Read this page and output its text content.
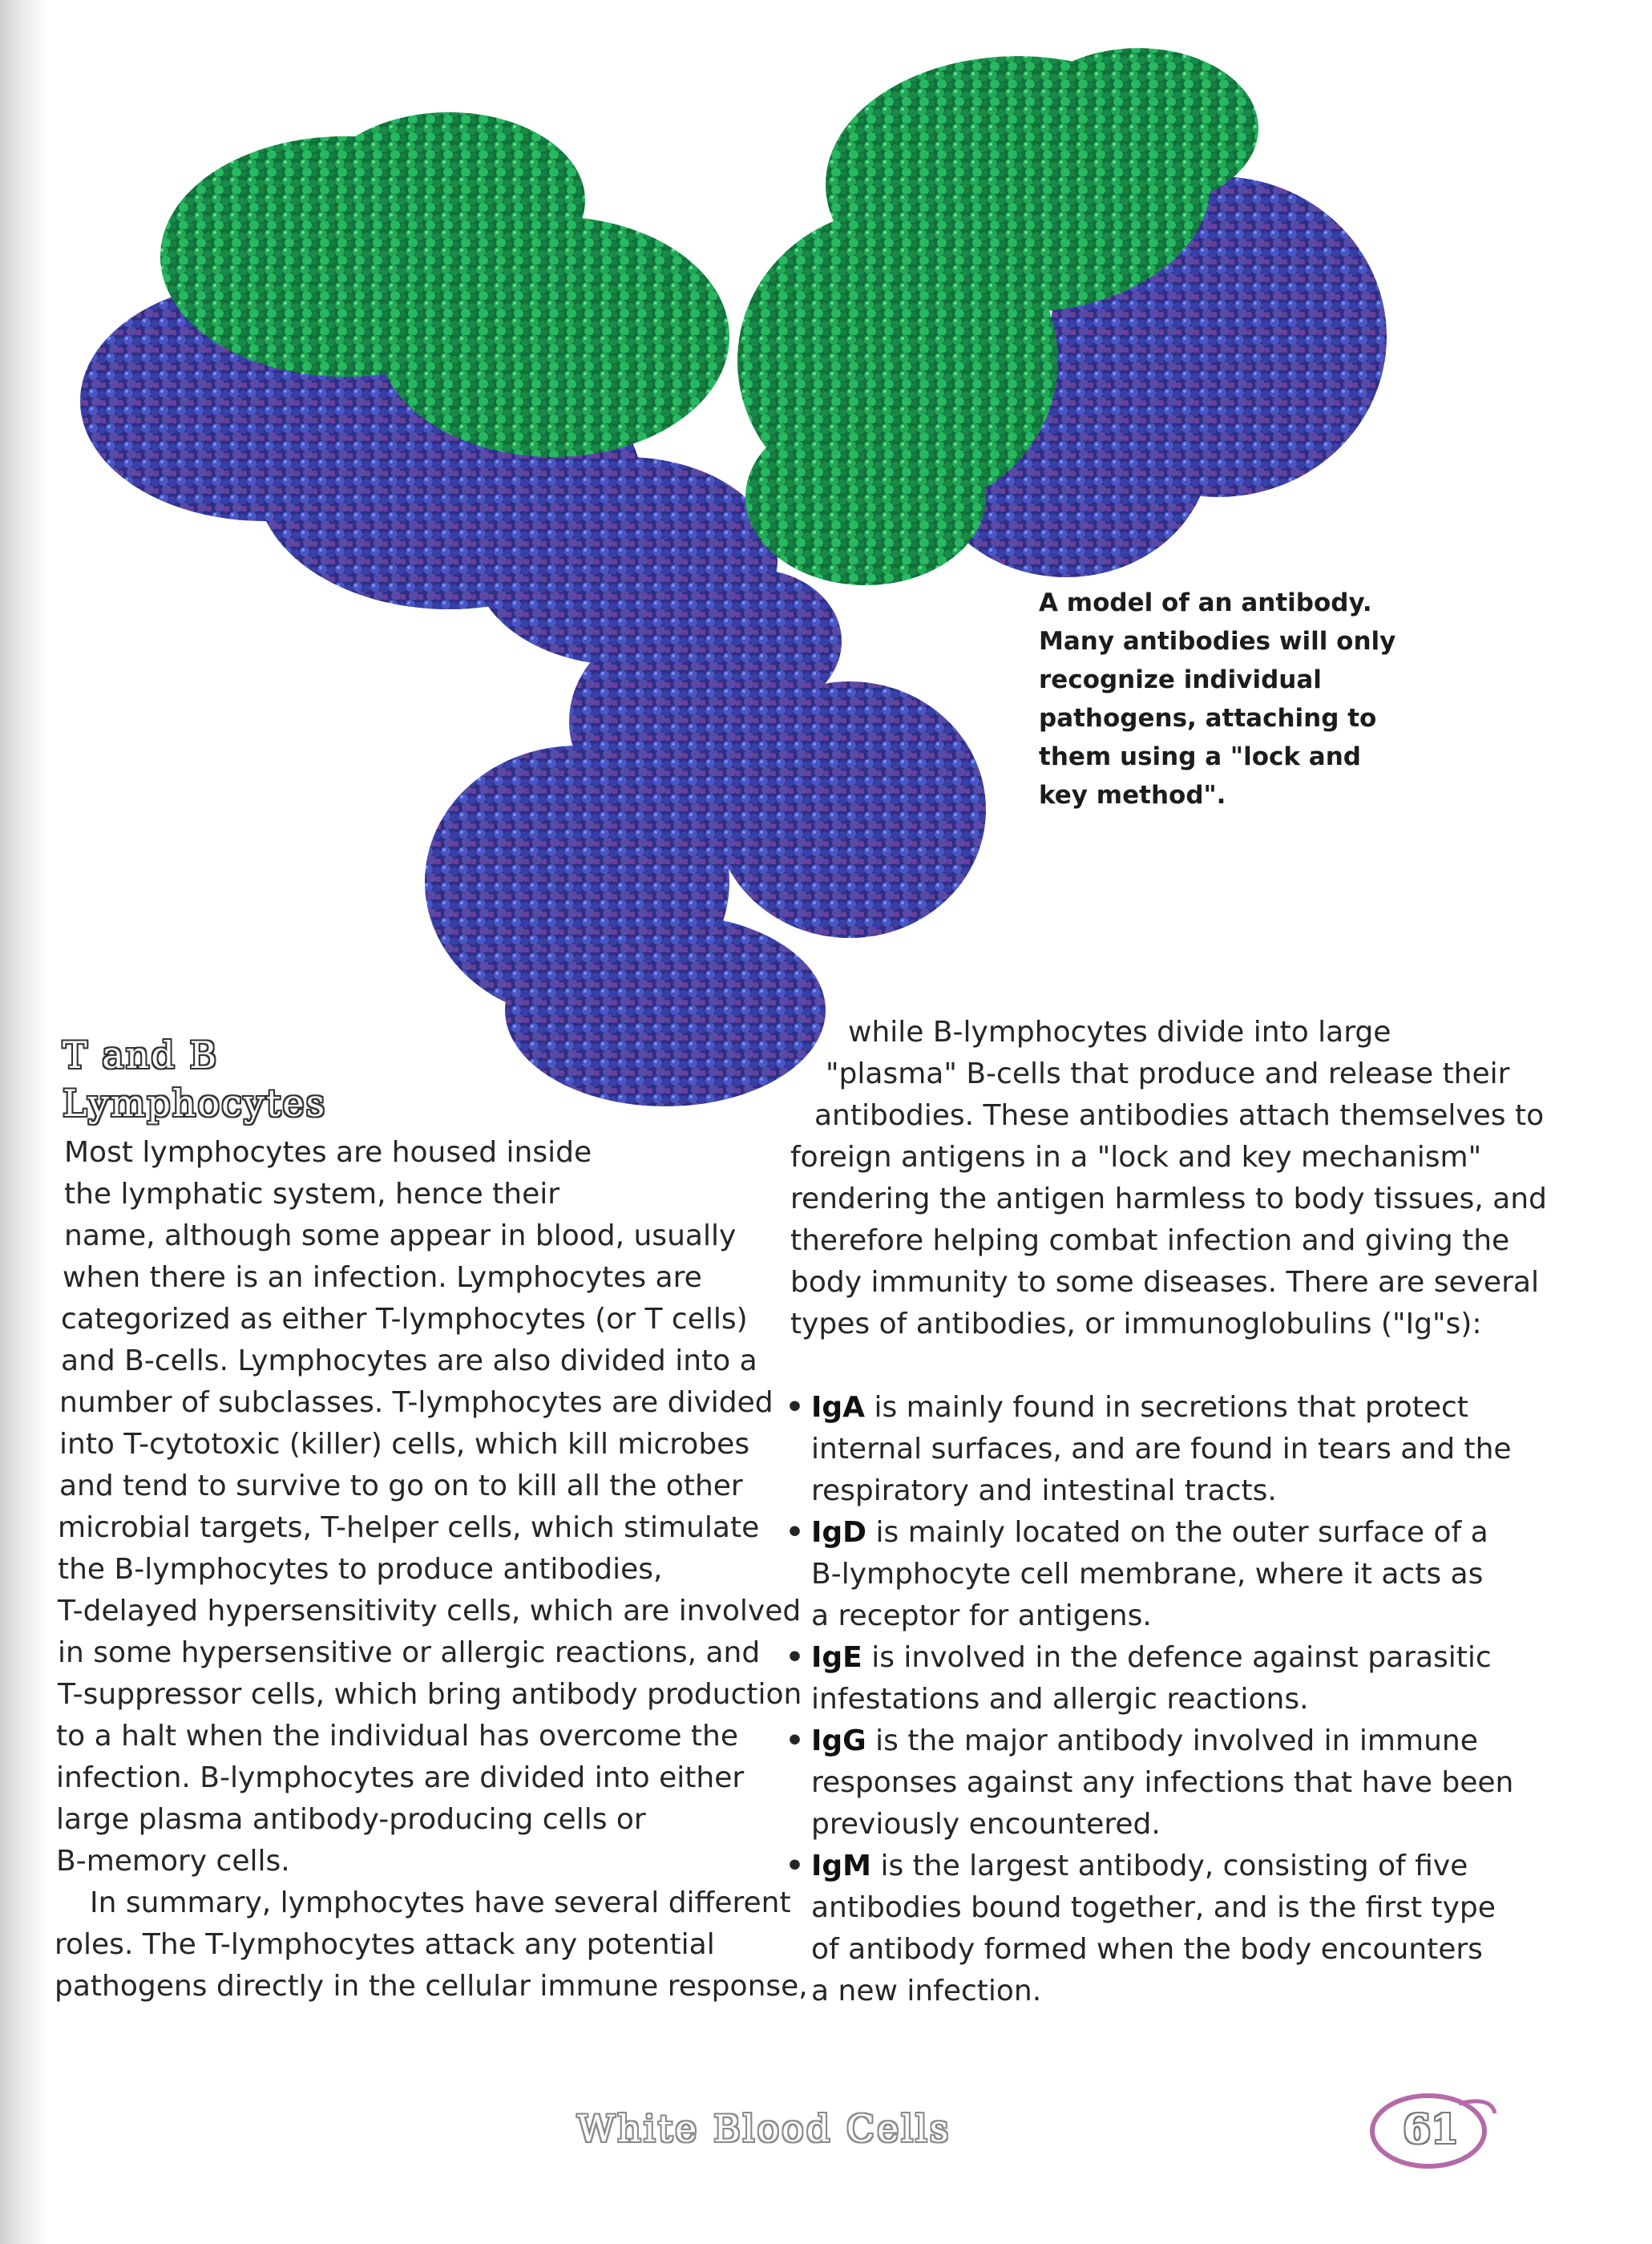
A model of an antibody.
Many antibodies will only
recognize individual
pathogens, attaching to
them using a "lock and
key method".

T and B
Lymphocytes
Most lymphocytes are housed inside
the lymphatic system, hence their
name, although some appear in blood, usually
when there is an infection. Lymphocytes are
categorized as either T-lymphocytes (or T cells)
and B-cells. Lymphocytes are also divided into a
number of subclasses. T-lymphocytes are divided
into T-cytotoxic (killer) cells, which kill microbes
and tend to survive to go on to kill all the other
microbial targets, T-helper cells, which stimulate
the B-lymphocytes to produce antibodies,
T-delayed hypersensitivity cells, which are involved
in some hypersensitive or allergic reactions, and
T-suppressor cells, which bring antibody production
to a halt when the individual has overcome the
infection. B-lymphocytes are divided into either
large plasma antibody-producing cells or
B-memory cells.
In summary, lymphocytes have several different
roles. The T-lymphocytes attack any potential
pathogens directly in the cellular immune response,
while B-lymphocytes divide into large
"plasma" B-cells that produce and release their
antibodies. These antibodies attach themselves to
foreign antigens in a "lock and key mechanism"
rendering the antigen harmless to body tissues, and
therefore helping combat infection and giving the
body immunity to some diseases. There are several
types of antibodies, or immunoglobulins ("Ig"s):
• IgA is mainly found in secretions that protect
internal surfaces, and are found in tears and the
respiratory and intestinal tracts.
• IgD is mainly located on the outer surface of a
B-lymphocyte cell membrane, where it acts as
a receptor for antigens.
• IgE is involved in the defence against parasitic
infestations and allergic reactions.
• IgG is the major antibody involved in immune
responses against any infections that have been
previously encountered.
• IgM is the largest antibody, consisting of five
antibodies bound together, and is the first type
of antibody formed when the body encounters
a new infection.

White Blood Cells	61
